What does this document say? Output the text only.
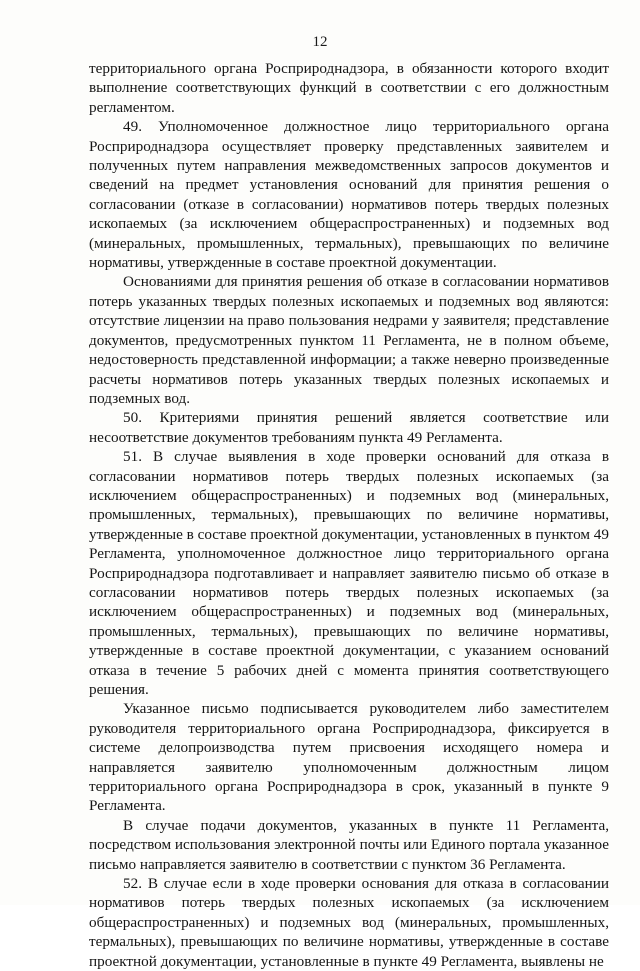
12

территориального органа Росприроднадзора, в обязанности которого входит выполнение соответствующих функций в соответствии с его должностным регламентом.

49. Уполномоченное должностное лицо территориального органа Росприроднадзора осуществляет проверку представленных заявителем и полученных путем направления межведомственных запросов документов и сведений на предмет установления оснований для принятия решения о согласовании (отказе в согласовании) нормативов потерь твердых полезных ископаемых (за исключением общераспространенных) и подземных вод (минеральных, промышленных, термальных), превышающих по величине нормативы, утвержденные в составе проектной документации.

Основаниями для принятия решения об отказе в согласовании нормативов потерь указанных твердых полезных ископаемых и подземных вод являются: отсутствие лицензии на право пользования недрами у заявителя; представление документов, предусмотренных пунктом 11 Регламента, не в полном объеме, недостоверность представленной информации; а также неверно произведенные расчеты нормативов потерь указанных твердых полезных ископаемых и подземных вод.

50. Критериями принятия решений является соответствие или несоответствие документов требованиям пункта 49 Регламента.

51. В случае выявления в ходе проверки оснований для отказа в согласовании нормативов потерь твердых полезных ископаемых (за исключением общераспространенных) и подземных вод (минеральных, промышленных, термальных), превышающих по величине нормативы, утвержденные в составе проектной документации, установленных в пунктом 49 Регламента, уполномоченное должностное лицо территориального органа Росприроднадзора подготавливает и направляет заявителю письмо об отказе в согласовании нормативов потерь твердых полезных ископаемых (за исключением общераспространенных) и подземных вод (минеральных, промышленных, термальных), превышающих по величине нормативы, утвержденные в составе проектной документации, с указанием оснований отказа в течение 5 рабочих дней с момента принятия соответствующего решения.

Указанное письмо подписывается руководителем либо заместителем руководителя территориального органа Росприроднадзора, фиксируется в системе делопроизводства путем присвоения исходящего номера и направляется заявителю уполномоченным должностным лицом территориального органа Росприроднадзора в срок, указанный в пункте 9 Регламента.

В случае подачи документов, указанных в пункте 11 Регламента, посредством использования электронной почты или Единого портала указанное письмо направляется заявителю в соответствии с пунктом 36 Регламента.

52. В случае если в ходе проверки основания для отказа в согласовании нормативов потерь твердых полезных ископаемых (за исключением общераспространенных) и подземных вод (минеральных, промышленных, термальных), превышающих по величине нормативы, утвержденные в составе проектной документации, установленные в пункте 49 Регламента, выявлены не
